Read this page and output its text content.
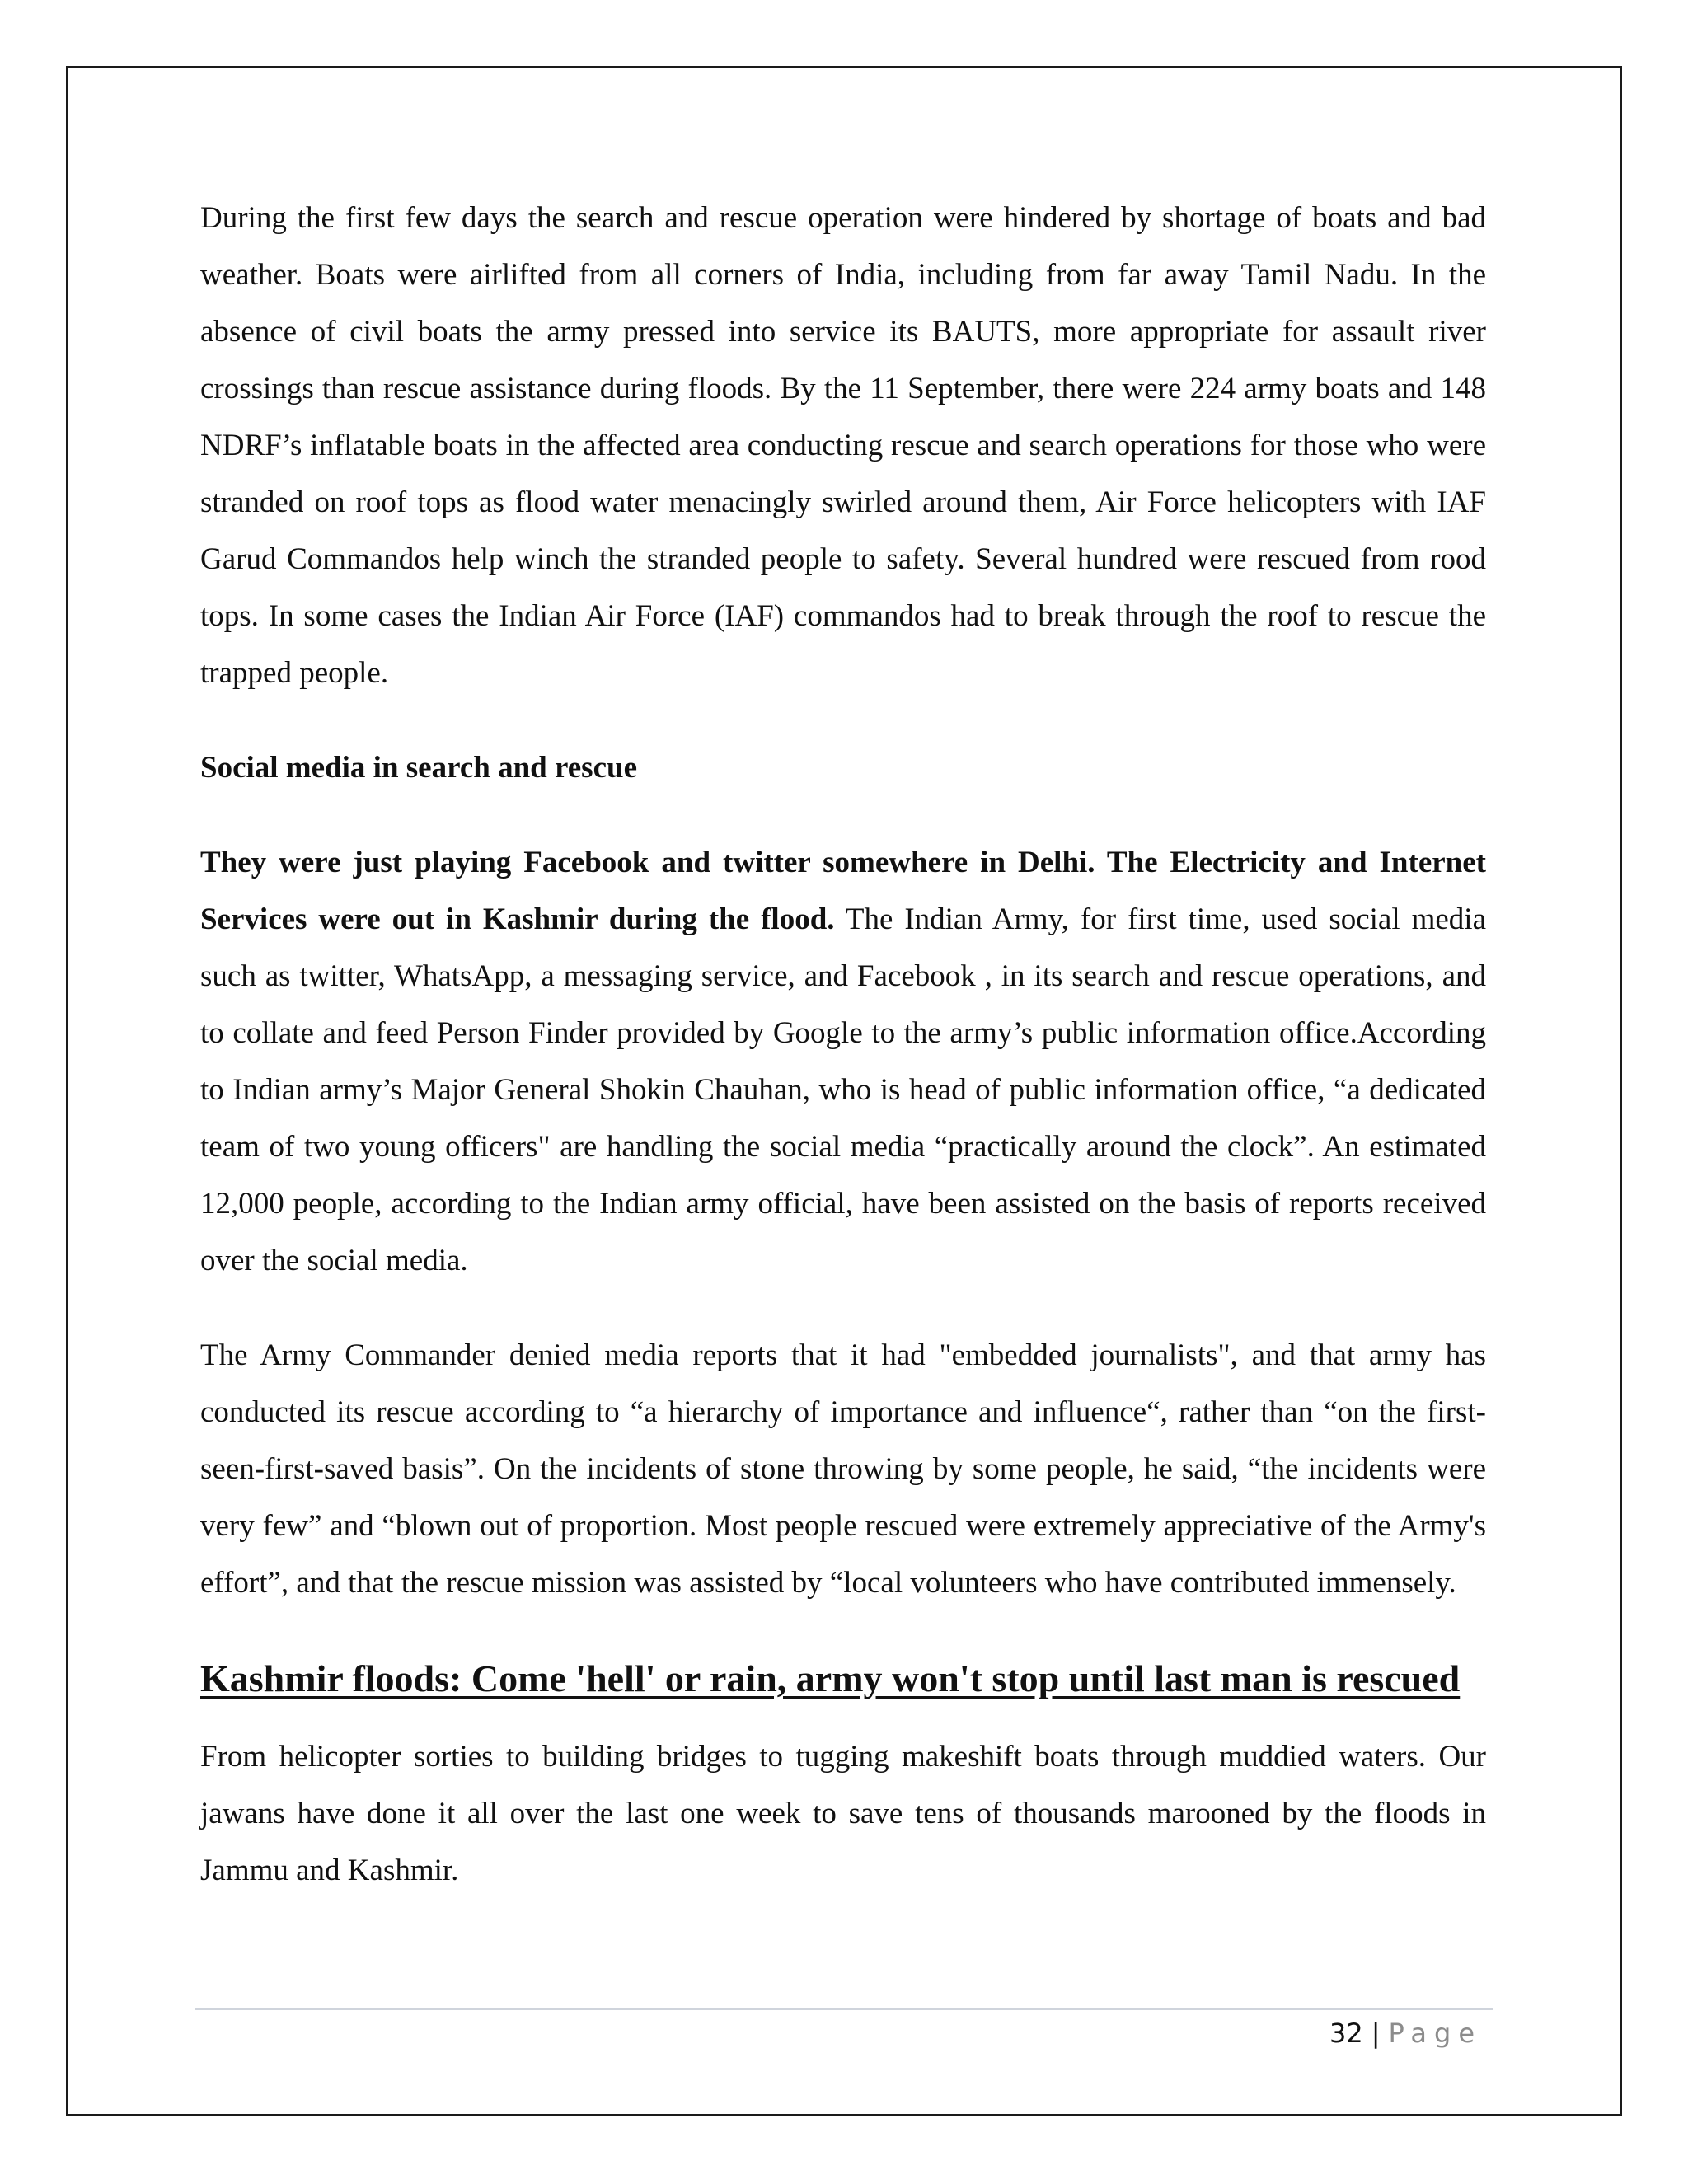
During the first few days the search and rescue operation were hindered by shortage of boats and bad weather. Boats were airlifted from all corners of India, including from far away Tamil Nadu. In the absence of civil boats the army pressed into service its BAUTS, more appropriate for assault river crossings than rescue assistance during floods. By the 11 September, there were 224 army boats and 148 NDRF’s inflatable boats in the affected area conducting rescue and search operations for those who were stranded on roof tops as flood water menacingly swirled around them, Air Force helicopters with IAF Garud Commandos help winch the stranded people to safety. Several hundred were rescued from rood tops. In some cases the Indian Air Force (IAF) commandos had to break through the roof to rescue the trapped people.

Social media in search and rescue

They were just playing Facebook and twitter somewhere in Delhi. The Electricity and Internet Services were out in Kashmir during the flood. The Indian Army, for first time, used social media such as twitter, WhatsApp, a messaging service, and Facebook , in its search and rescue operations, and to collate and feed Person Finder provided by Google to the army’s public information office.According to Indian army’s Major General Shokin Chauhan, who is head of public information office, “a dedicated team of two young officers" are handling the social media “practically around the clock”. An estimated 12,000 people, according to the Indian army official, have been assisted on the basis of reports received over the social media.

The Army Commander denied media reports that it had "embedded journalists", and that army has conducted its rescue according to “a hierarchy of importance and influence“, rather than “on the first-seen-first-saved basis”. On the incidents of stone throwing by some people, he said, “the incidents were very few” and “blown out of proportion. Most people rescued were extremely appreciative of the Army's effort”, and that the rescue mission was assisted by “local volunteers who have contributed immensely.

Kashmir floods: Come 'hell' or rain, army won't stop until last man is rescued

From helicopter sorties to building bridges to tugging makeshift boats through muddied waters. Our jawans have done it all over the last one week to save tens of thousands marooned by the floods in Jammu and Kashmir.

32 | Page
